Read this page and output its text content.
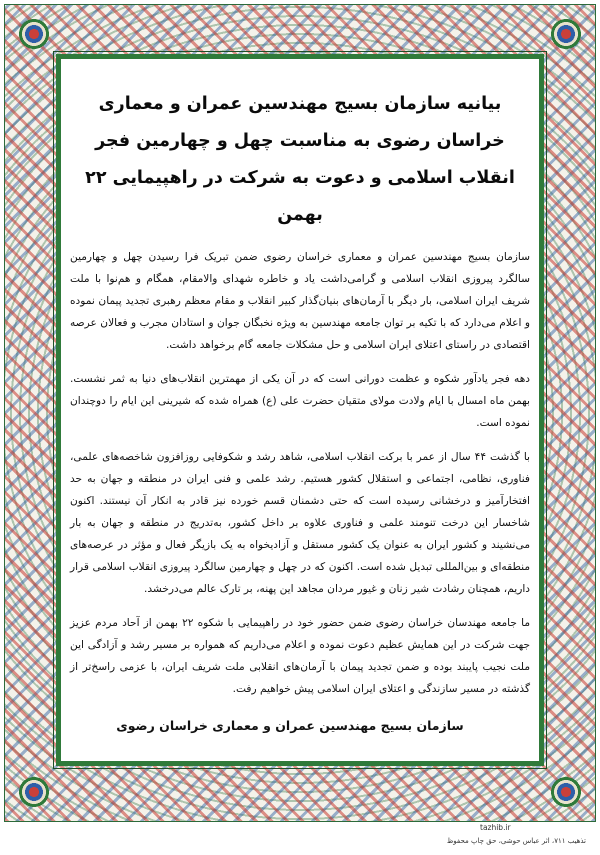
بیانیه سازمان بسیج مهندسین عمران و معماری خراسان رضوی به مناسبت چهل و چهارمین فجر انقلاب اسلامی و دعوت به شرکت در راهپیمایی ۲۲ بهمن

سازمان بسیج مهندسین عمران و معماری خراسان رضوی ضمن تبریک فرا رسیدن چهل و چهارمین سالگرد پیروزی انقلاب اسلامی و گرامی‌داشت یاد و خاطره شهدای والامقام، همگام و هم‌نوا با ملت شریف ایران اسلامی، بار دیگر با آرمان‌های بنیان‌گذار کبیر انقلاب و مقام معظم رهبری تجدید پیمان نموده و اعلام می‌دارد که با تکیه بر توان جامعه مهندسین به ویژه نخبگان جوان و استادان مجرب و فعالان عرصه اقتصادی در راستای اعتلای ایران اسلامی و حل مشکلات جامعه گام برخواهد داشت.

دهه فجر یادآور شکوه و عظمت دورانی است که در آن یکی از مهمترین انقلاب‌های دنیا به ثمر نشست. بهمن ماه امسال با ایام ولادت مولای متقیان حضرت علی (ع) همراه شده که شیرینی این ایام را دوچندان نموده است.

با گذشت ۴۴ سال از عمر با برکت انقلاب اسلامی، شاهد رشد و شکوفایی روزافزون شاخصه‌های علمی، فناوری، نظامی، اجتماعی و استقلال کشور هستیم. رشد علمی و فنی ایران در منطقه و جهان به حد افتخارآمیز و درخشانی رسیده است که حتی دشمنان قسم خورده نیز قادر به انکار آن نیستند. اکنون شاخسار این درخت تنومند علمی و فناوری علاوه بر داخل کشور، به‌تدریج در منطقه و جهان به بار می‌نشیند و کشور ایران به عنوان یک کشور مستقل و آزادیخواه به یک بازیگر فعال و مؤثر در عرصه‌های منطقه‌ای و بین‌المللی تبدیل شده است. اکنون که در چهل و چهارمین سالگرد پیروزی انقلاب اسلامی قرار داریم، همچنان رشادت شیر زنان و غیور مردان مجاهد این پهنه، بر تارک عالم می‌درخشد.

ما جامعه مهندسان خراسان رضوی ضمن حضور خود در راهپیمایی با شکوه ۲۲ بهمن از آحاد مردم عزیز جهت شرکت در این همایش عظیم دعوت نموده و اعلام می‌داریم که همواره بر مسیر رشد و آزادگی این ملت نجیب پایبند بوده و ضمن تجدید پیمان با آرمان‌های انقلابی ملت شریف ایران، با عزمی راسخ‌تر از گذشته در مسیر سازندگی و اعتلای ایران اسلامی پیش خواهیم رفت.

سازمان بسیج مهندسین عمران و معماری خراسان رضوی
تذهیب ۷۱۱، اثر عباس حوشی، حق چاپ محفوظ
tazhib.ir
